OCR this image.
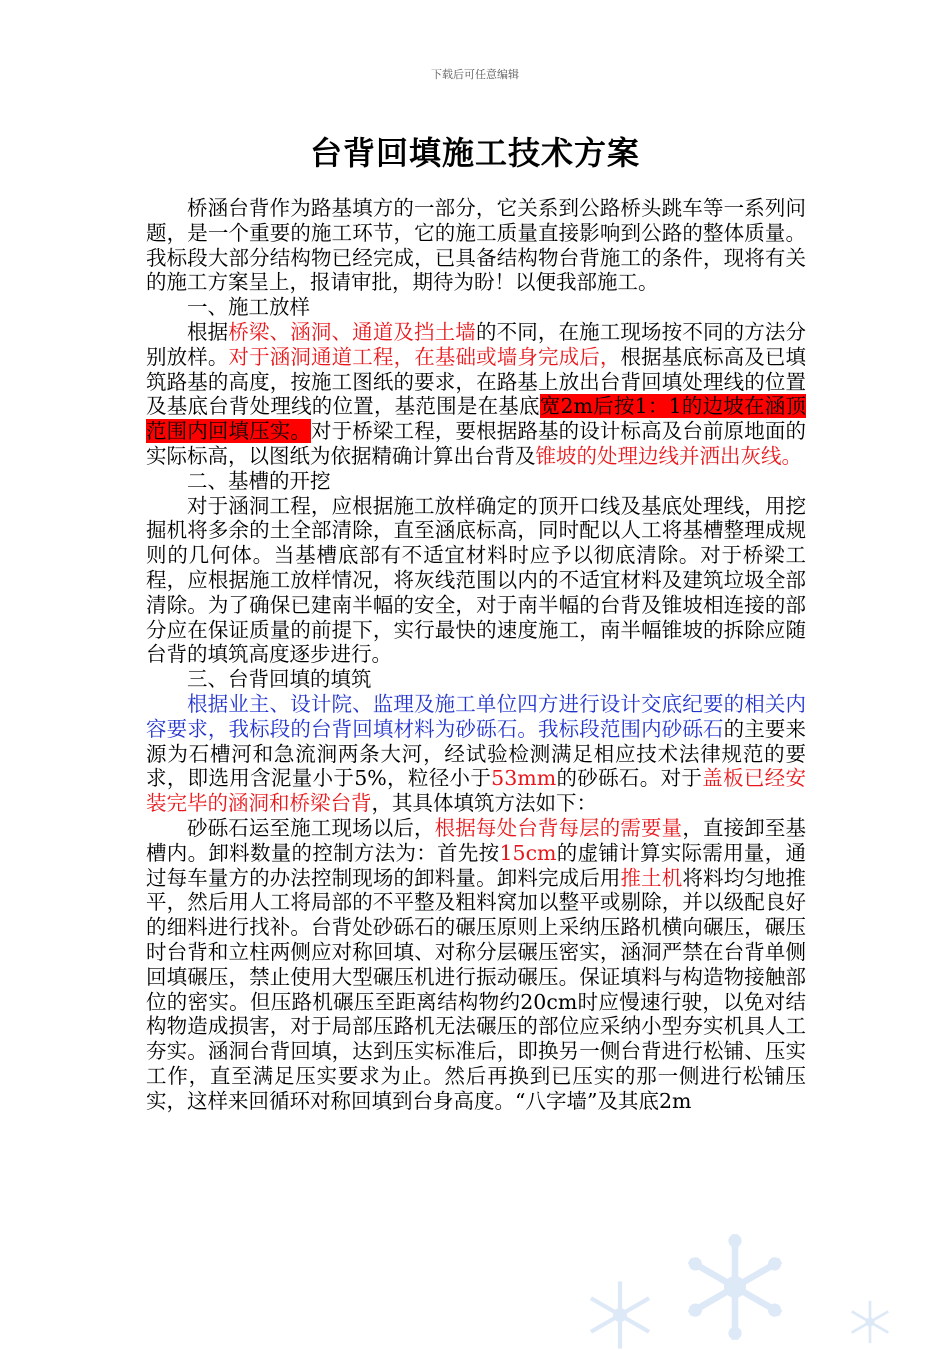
下载后可任意编辑
台背回填施工技术方案

桥涵台背作为路基填方的一部分，它关系到公路桥头跳车等一系列问题，是一个重要的施工环节，它的施工质量直接影响到公路的整体质量。我标段大部分结构物已经完成，已具备结构物台背施工的条件，现将有关的施工方案呈上，报请审批，期待为盼！以便我部施工。

一、施工放样

根据桥梁、涵洞、通道及挡土墙的不同，在施工现场按不同的方法分别放样。对于涵洞通道工程，在基础或墙身完成后，根据基底标高及已填筑路基的高度，按施工图纸的要求，在路基上放出台背回填处理线的位置及基底台背处理线的位置，基范围是在基底宽2m后按1：1的边坡在涵顶范围内回填压实。对于桥梁工程，要根据路基的设计标高及台前原地面的实际标高，以图纸为依据精确计算出台背及锥坡的处理边线并洒出灰线。

二、基槽的开挖

对于涵洞工程，应根据施工放样确定的顶开口线及基底处理线，用挖掘机将多余的土全部清除，直至涵底标高，同时配以人工将基槽整理成规则的几何体。当基槽底部有不适宜材料时应予以彻底清除。对于桥梁工程，应根据施工放样情况，将灰线范围以内的不适宜材料及建筑垃圾全部清除。为了确保已建南半幅的安全，对于南半幅的台背及锥坡相连接的部分应在保证质量的前提下，实行最快的速度施工，南半幅锥坡的拆除应随台背的填筑高度逐步进行。

三、台背回填的填筑

根据业主、设计院、监理及施工单位四方进行设计交底纪要的相关内容要求，我标段的台背回填材料为砂砾石。我标段范围内砂砾石的主要来源为石槽河和急流涧两条大河，经试验检测满足相应技术法律规范的要求，即选用含泥量小于5%，粒径小于53mm的砂砾石。对于盖板已经安装完毕的涵洞和桥梁台背，其具体填筑方法如下：

砂砾石运至施工现场以后，根据每处台背每层的需要量，直接卸至基槽内。卸料数量的控制方法为：首先按15cm的虚铺计算实际需用量，通过每车量方的办法控制现场的卸料量。卸料完成后用推土机将料均匀地推平，然后用人工将局部的不平整及粗料窝加以整平或剔除，并以级配良好的细料进行找补。台背处砂砾石的碾压原则上采纳压路机横向碾压，碾压时台背和立柱两侧应对称回填、对称分层碾压密实，涵洞严禁在台背单侧回填碾压，禁止使用大型碾压机进行振动碾压。保证填料与构造物接触部位的密实。但压路机碾压至距离结构物约20cm时应慢速行驶，以免对结构物造成损害，对于局部压路机无法碾压的部位应采纳小型夯实机具人工夯实。涵洞台背回填，达到压实标准后，即换另一侧台背进行松铺、压实工作，直至满足压实要求为止。然后再换到已压实的那一侧进行松铺压实，这样来回循环对称回填到台身高度。“八字墙”及其底2m
